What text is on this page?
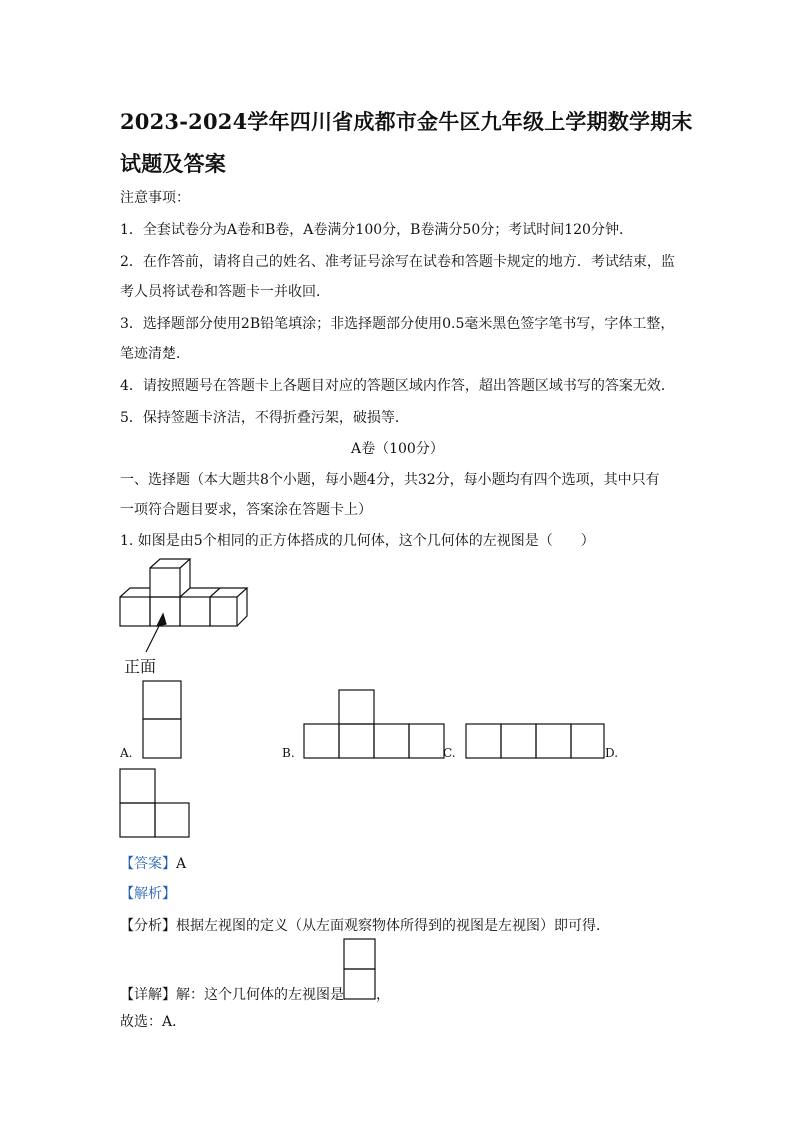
2023-2024学年四川省成都市金牛区九年级上学期数学期末
试题及答案
注意事项：
1．全套试卷分为A卷和B卷，A卷满分100分，B卷满分50分；考试时间120分钟．
2．在作答前，请将自己的姓名、准考证号涂写在试卷和答题卡规定的地方．考试结束，监
考人员将试卷和答题卡一并收回．
3．选择题部分使用2B铅笔填涂；非选择题部分使用0.5毫米黑色签字笔书写，字体工整，
笔迹清楚．
4．请按照题号在答题卡上各题目对应的答题区域内作答，超出答题区域书写的答案无效．
5．保持签题卡济洁，不得折叠污架，破损等．
A卷（100分）
一、选择题（本大题共8个小题，每小题4分，共32分，每小题均有四个选项，其中只有
一项符合题目要求，答案涂在答题卡上）
1. 如图是由5个相同的正方体搭成的几何体，这个几何体的左视图是（　　）
正面
A.	B.	C.	D.
【答案】A
【解析】
【分析】根据左视图的定义（从左面观察物体所得到的视图是左视图）即可得．
【详解】解：这个几何体的左视图是 ，
故选：A．
